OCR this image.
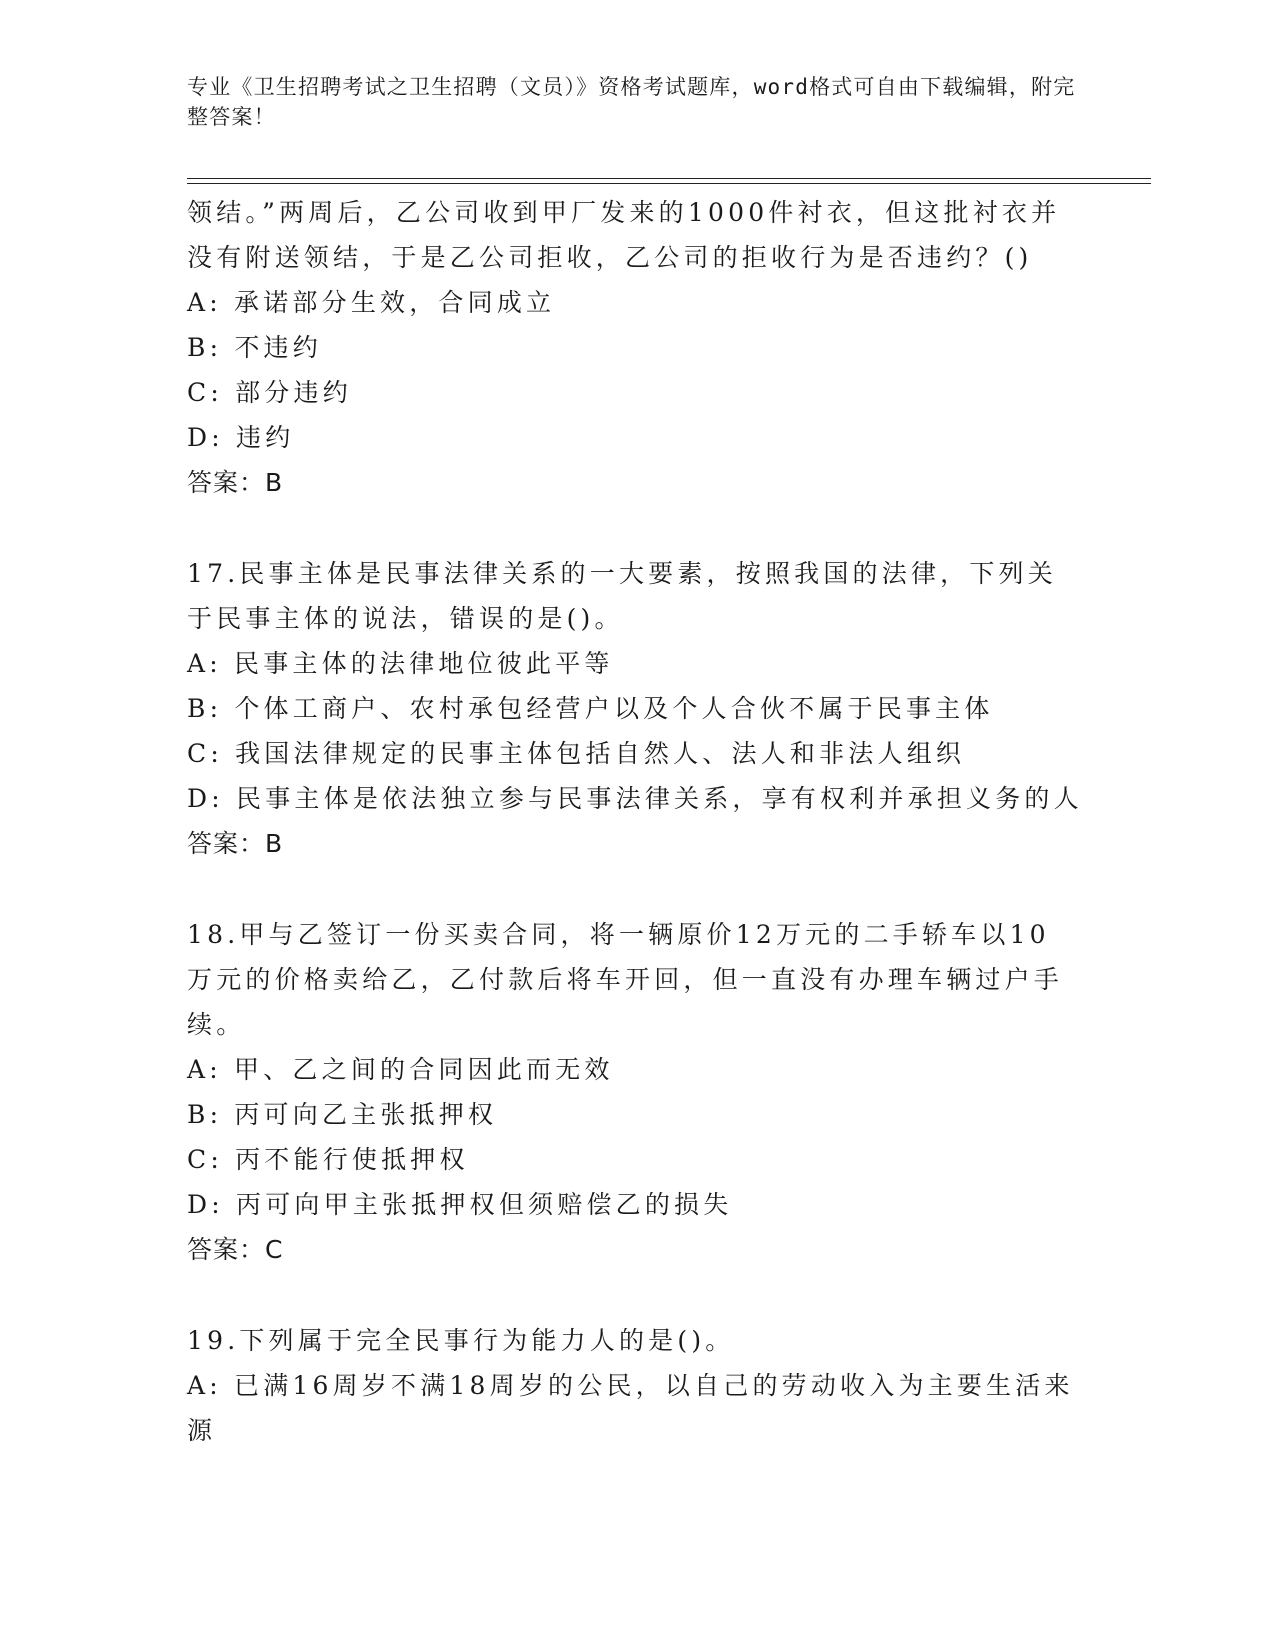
专业《卫生招聘考试之卫生招聘（文员）》资格考试题库，word格式可自由下载编辑，附完整答案！

领结。”两周后，乙公司收到甲厂发来的1000件衬衣，但这批衬衣并没有附送领结，于是乙公司拒收，乙公司的拒收行为是否违约？()

A: 承诺部分生效，合同成立

B: 不违约

C: 部分违约

D: 违约

答案：B

17.民事主体是民事法律关系的一大要素，按照我国的法律，下列关于民事主体的说法，错误的是()。

A: 民事主体的法律地位彼此平等

B: 个体工商户、农村承包经营户以及个人合伙不属于民事主体

C: 我国法律规定的民事主体包括自然人、法人和非法人组织

D: 民事主体是依法独立参与民事法律关系，享有权利并承担义务的人

答案：B

18.甲与乙签订一份买卖合同，将一辆原价12万元的二手轿车以10万元的价格卖给乙，乙付款后将车开回，但一直没有办理车辆过户手续。

A: 甲、乙之间的合同因此而无效

B: 丙可向乙主张抵押权

C: 丙不能行使抵押权

D: 丙可向甲主张抵押权但须赔偿乙的损失

答案：C

19.下列属于完全民事行为能力人的是()。

A: 已满16周岁不满18周岁的公民，以自己的劳动收入为主要生活来源
